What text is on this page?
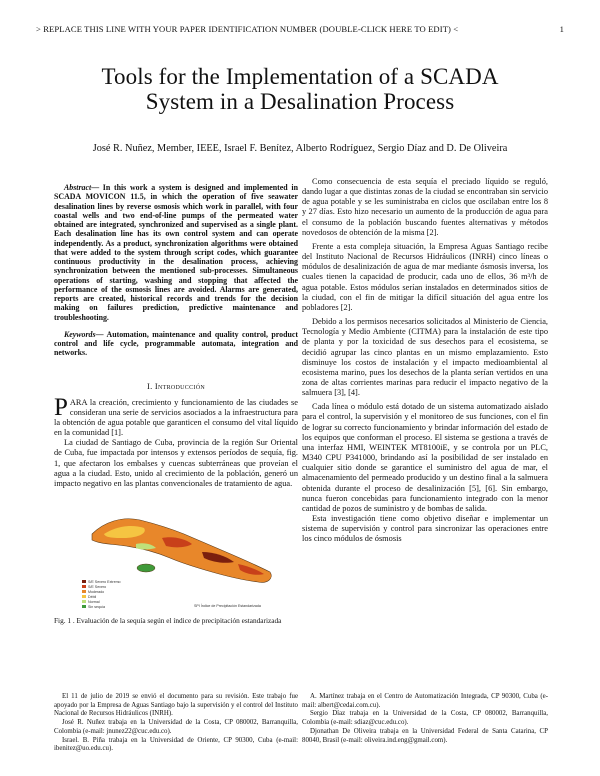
> REPLACE THIS LINE WITH YOUR PAPER IDENTIFICATION NUMBER (DOUBLE-CLICK HERE TO EDIT) <	1
Tools for the Implementation of a SCADA
System in a Desalination Process
José R. Nuñez, Member, IEEE, Israel F. Benítez, Alberto Rodríguez, Sergio Díaz and D. De Oliveira

Abstract— In this work a system is designed and implemented in SCADA MOVICON 11.5, in which the operation of five seawater desalination lines by reverse osmosis which work in parallel, with four coastal wells and two end-of-line pumps of the permeated water obtained are integrated, synchronized and supervised as a single plant. Each desalination line has its own control system and can operate independently. As a product, synchronization algorithms were obtained that were added to the system through script codes, which guarantee continuous productivity in the desalination process, achieving synchronization between the mentioned sub-processes. Simultaneous operations of starting, washing and stopping that affected the performance of the osmosis lines are avoided. Alarms are generated, reports are created, historical records and trends for the decision making on failures prediction, predictive maintenance and troubleshooting.

Keywords— Automation, maintenance and quality control, product control and life cycle, programmable automata, integration and networks.

I. Introducción

PARA la creación, crecimiento y funcionamiento de las ciudades se consideran una serie de servicios asociados a la infraestructura para la obtención de agua potable que garanticen el consumo del vital líquido en la comunidad [1].

La ciudad de Santiago de Cuba, provincia de la región Sur Oriental de Cuba, fue impactada por intensos y extensos períodos de sequía, fig. 1, que afectaron los embalses y cuencas subterráneas que proveían el agua a la ciudad. Esto, unido al crecimiento de la población, generó un impacto negativo en las plantas convencionales de tratamiento de agua.

S/E Severo Extremo
S/E Severo
Moderado
Débil
Normal
Sin sequía	SPI Índice de Precipitación Estandarizada
Fig. 1 . Evaluación de la sequía según el índice de precipitación estandarizada

Como consecuencia de esta sequía el preciado líquido se reguló, dando lugar a que distintas zonas de la ciudad se encontraban sin servicio de agua potable y se les suministraba en ciclos que oscilaban entre los 8 y 27 días. Esto hizo necesario un aumento de la producción de agua para el consumo de la población buscando fuentes alternativas y métodos novedosos de obtención de la misma [2].

Frente a esta compleja situación, la Empresa Aguas Santiago recibe del Instituto Nacional de Recursos Hidráulicos (INRH) cinco líneas o módulos de desalinización de agua de mar mediante ósmosis inversa, los cuales tienen la capacidad de producir, cada uno de ellos, 36 m³/h de agua potable. Estos módulos serían instalados en determinados sitios de la ciudad, con el fin de mitigar la difícil situación del agua entre los pobladores [2].

Debido a los permisos necesarios solicitados al Ministerio de Ciencia, Tecnología y Medio Ambiente (CITMA) para la instalación de este tipo de planta y por la toxicidad de sus desechos para el ecosistema, se decidió agrupar las cinco plantas en un mismo emplazamiento. Esto disminuye los costos de instalación y el impacto medioambiental al ecosistema marino, pues los desechos de la planta serían vertidos en una zona de altas corrientes marinas para reducir el impacto negativo de la salmuera [3], [4].

Cada línea o módulo está dotado de un sistema automatizado aislado para el control, la supervisión y el monitoreo de sus funciones, con el fin de lograr su correcto funcionamiento y brindar información del estado de los equipos que conforman el proceso. El sistema se gestiona a través de una interfaz HMI, WEINTEK MT8100iE, y se controla por un PLC, M340 CPU P341000, brindando así la posibilidad de ser instalado en cualquier sitio donde se garantice el suministro del agua de mar, el almacenamiento del permeado producido y un destino final a la salmuera obtenida durante el proceso de desalinización [5], [6]. Sin embargo, nunca fueron concebidas para funcionamiento integrado con la menor cantidad de pozos de suministro y de bombas de salida.

Esta investigación tiene como objetivo diseñar e implementar un sistema de supervisión y control para sincronizar las operaciones entre los cinco módulos de ósmosis

El 11 de julio de 2019 se envió el documento para su revisión. Este trabajo fue apoyado por la Empresa de Aguas Santiago bajo la supervisión y el control del Instituto Nacional de Recursos Hidráulicos (INRH).

José R. Nuñez trabaja en la Universidad de la Costa, CP 080002, Barranquilla, Colombia (e-mail: jnunez22@cuc.edu.co).

Israel. B. Piña trabaja en la Universidad de Oriente, CP 90300, Cuba (e-mail: ibenitez@uo.edu.cu).

A. Martínez trabaja en el Centro de Automatización Integrada, CP 90300, Cuba (e-mail: albert@cedai.com.cu).

Sergio Díaz trabaja en la Universidad de la Costa, CP 080002, Barranquilla, Colombia (e-mail: sdiaz@cuc.edu.co).

Djonathan De Oliveira trabaja en la Universidad Federal de Santa Catarina, CP 80040, Brasil (e-mail: oliveira.ind.eng@gmail.com).
